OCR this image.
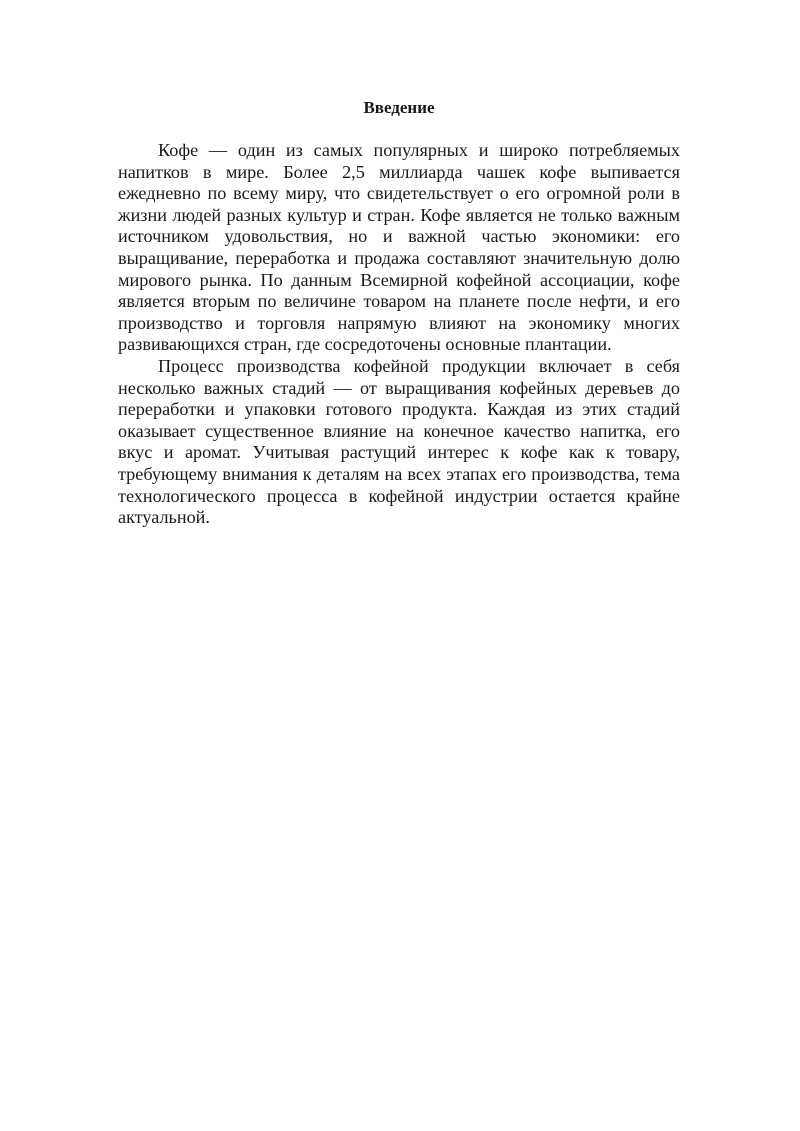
Введение

Кофе — один из самых популярных и широко потребляемых напитков в мире. Более 2,5 миллиарда чашек кофе выпивается ежедневно по всему миру, что свидетельствует о его огромной роли в жизни людей разных культур и стран. Кофе является не только важным источником удовольствия, но и важной частью экономики: его выращивание, переработка и продажа составляют значительную долю мирового рынка. По данным Всемирной кофейной ассоциации, кофе является вторым по величине товаром на планете после нефти, и его производство и торговля напрямую влияют на экономику многих развивающихся стран, где сосредоточены основные плантации.

Процесс производства кофейной продукции включает в себя несколько важных стадий — от выращивания кофейных деревьев до переработки и упаковки готового продукта. Каждая из этих стадий оказывает существенное влияние на конечное качество напитка, его вкус и аромат. Учитывая растущий интерес к кофе как к товару, требующему внимания к деталям на всех этапах его производства, тема технологического процесса в кофейной индустрии остается крайне актуальной.
